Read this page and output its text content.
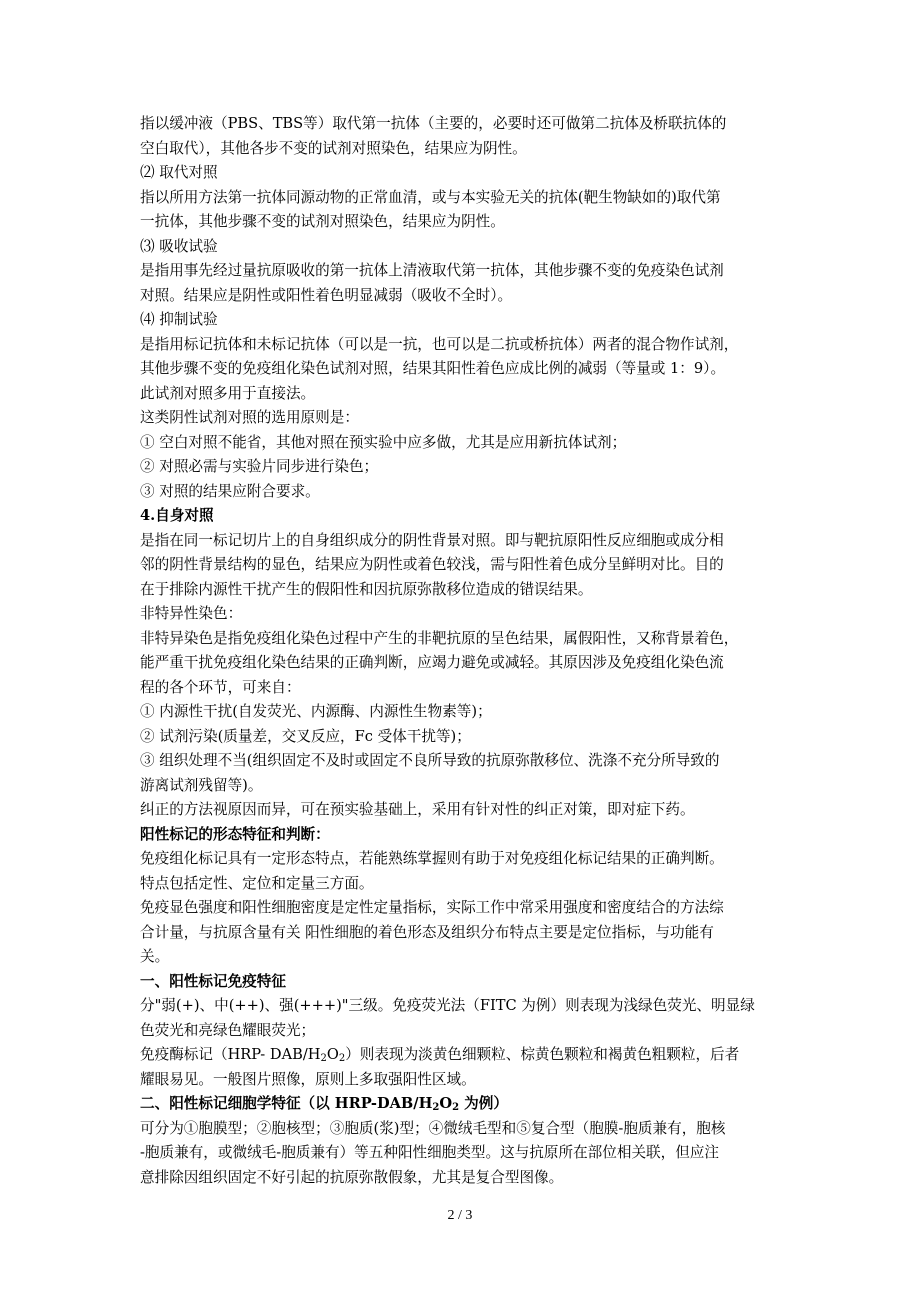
指以缓冲液（PBS、TBS等）取代第一抗体（主要的，必要时还可做第二抗体及桥联抗体的
空白取代），其他各步不变的试剂对照染色，结果应为阴性。
⑵ 取代对照
指以所用方法第一抗体同源动物的正常血清，或与本实验无关的抗体(靶生物缺如的)取代第
一抗体，其他步骤不变的试剂对照染色，结果应为阴性。
⑶ 吸收试验
是指用事先经过量抗原吸收的第一抗体上清液取代第一抗体，其他步骤不变的免疫染色试剂
对照。结果应是阴性或阳性着色明显减弱（吸收不全时）。
⑷ 抑制试验
是指用标记抗体和未标记抗体（可以是一抗，也可以是二抗或桥抗体）两者的混合物作试剂，
其他步骤不变的免疫组化染色试剂对照，结果其阳性着色应成比例的减弱（等量或 1：9）。
此试剂对照多用于直接法。
这类阴性试剂对照的选用原则是：
① 空白对照不能省，其他对照在预实验中应多做，尤其是应用新抗体试剂；
② 对照必需与实验片同步进行染色；
③ 对照的结果应附合要求。
4.自身对照
是指在同一标记切片上的自身组织成分的阴性背景对照。即与靶抗原阳性反应细胞或成分相
邻的阴性背景结构的显色，结果应为阴性或着色较浅，需与阳性着色成分呈鲜明对比。目的
在于排除内源性干扰产生的假阳性和因抗原弥散移位造成的错误结果。
非特异性染色：
非特异染色是指免疫组化染色过程中产生的非靶抗原的呈色结果，属假阳性，又称背景着色，
能严重干扰免疫组化染色结果的正确判断，应竭力避免或减轻。其原因涉及免疫组化染色流
程的各个环节，可来自：
① 内源性干扰(自发荧光、内源酶、内源性生物素等)；
② 试剂污染(质量差，交叉反应，Fc 受体干扰等)；
③ 组织处理不当(组织固定不及时或固定不良所导致的抗原弥散移位、洗涤不充分所导致的
游离试剂残留等)。
纠正的方法视原因而异，可在预实验基础上，采用有针对性的纠正对策，即对症下药。
阳性标记的形态特征和判断：
免疫组化标记具有一定形态特点，若能熟练掌握则有助于对免疫组化标记结果的正确判断。
特点包括定性、定位和定量三方面。
免疫显色强度和阳性细胞密度是定性定量指标，实际工作中常采用强度和密度结合的方法综
合计量，与抗原含量有关 阳性细胞的着色形态及组织分布特点主要是定位指标，与功能有
关。
一、阳性标记免疫特征
分"弱(+)、中(++)、强(+++)"三级。免疫荧光法（FITC 为例）则表现为浅绿色荧光、明显绿
色荧光和亮绿色耀眼荧光；
免疫酶标记（HRP- DAB/$H_2O_2$）则表现为淡黄色细颗粒、棕黄色颗粒和褐黄色粗颗粒，后者
耀眼易见。一般图片照像，原则上多取强阳性区域。
二、阳性标记细胞学特征（以 HRP-$DAB/H_2O_2$ 为例）
可分为①胞膜型；②胞核型；③胞质(浆)型；④微绒毛型和⑤复合型（胞膜-胞质兼有，胞核
-胞质兼有，或微绒毛-胞质兼有）等五种阳性细胞类型。这与抗原所在部位相关联，但应注
意排除因组织固定不好引起的抗原弥散假象，尤其是复合型图像。
2 / 3
